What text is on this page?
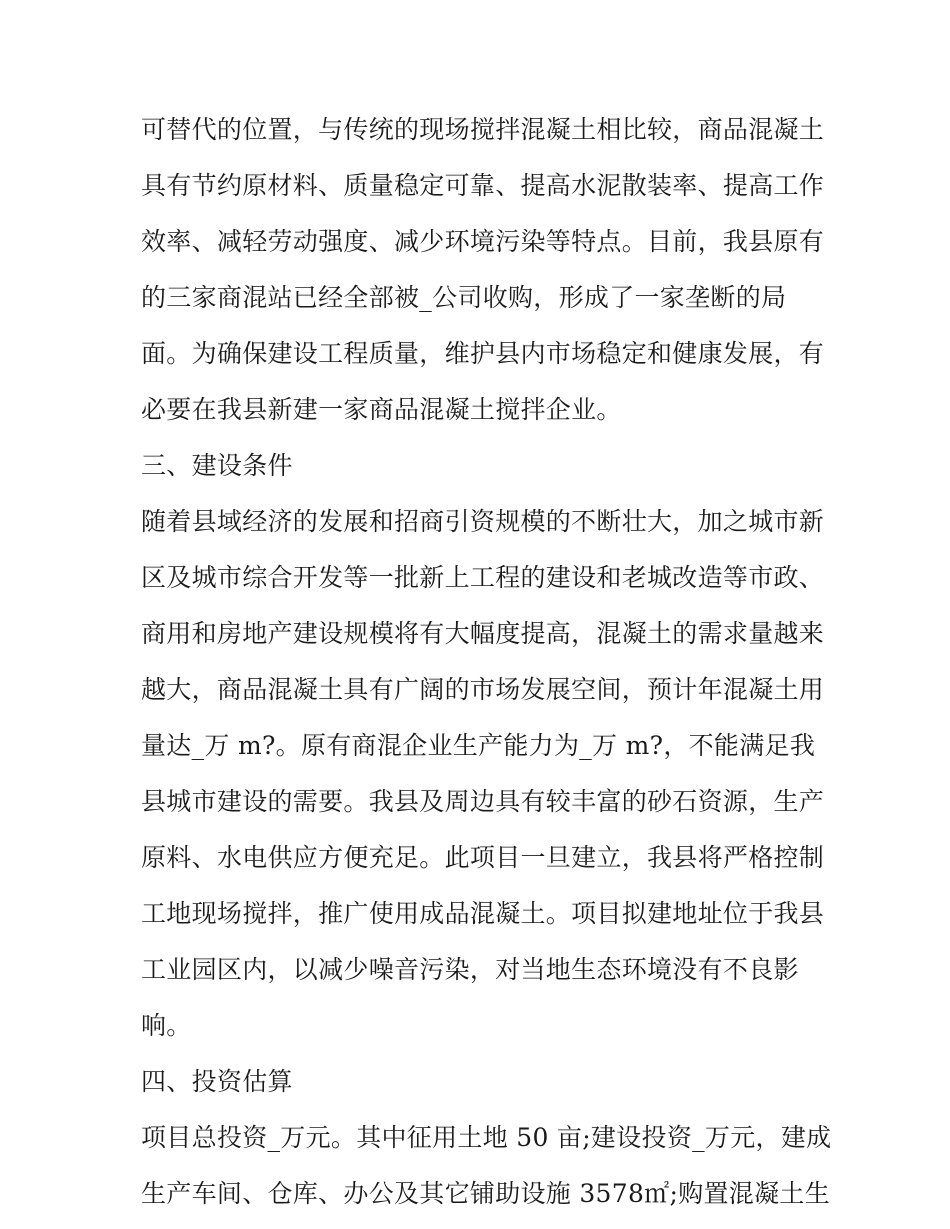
可替代的位置，与传统的现场搅拌混凝土相比较，商品混凝土
具有节约原材料、质量稳定可靠、提高水泥散装率、提高工作
效率、减轻劳动强度、减少环境污染等特点。目前，我县原有
的三家商混站已经全部被_公司收购，形成了一家垄断的局
面。为确保建设工程质量，维护县内市场稳定和健康发展，有
必要在我县新建一家商品混凝土搅拌企业。
三、建设条件
随着县域经济的发展和招商引资规模的不断壮大，加之城市新
区及城市综合开发等一批新上工程的建设和老城改造等市政、
商用和房地产建设规模将有大幅度提高，混凝土的需求量越来
越大，商品混凝土具有广阔的市场发展空间，预计年混凝土用
量达_万 m?。原有商混企业生产能力为_万 m?，不能满足我
县城市建设的需要。我县及周边具有较丰富的砂石资源，生产
原料、水电供应方便充足。此项目一旦建立，我县将严格控制
工地现场搅拌，推广使用成品混凝土。项目拟建地址位于我县
工业园区内，以减少噪音污染，对当地生态环境没有不良影
响。
四、投资估算
项目总投资_万元。其中征用土地 50 亩;建设投资_万元，建成
生产车间、仓库、办公及其它铺助设施 3578㎡;购置混凝土生
